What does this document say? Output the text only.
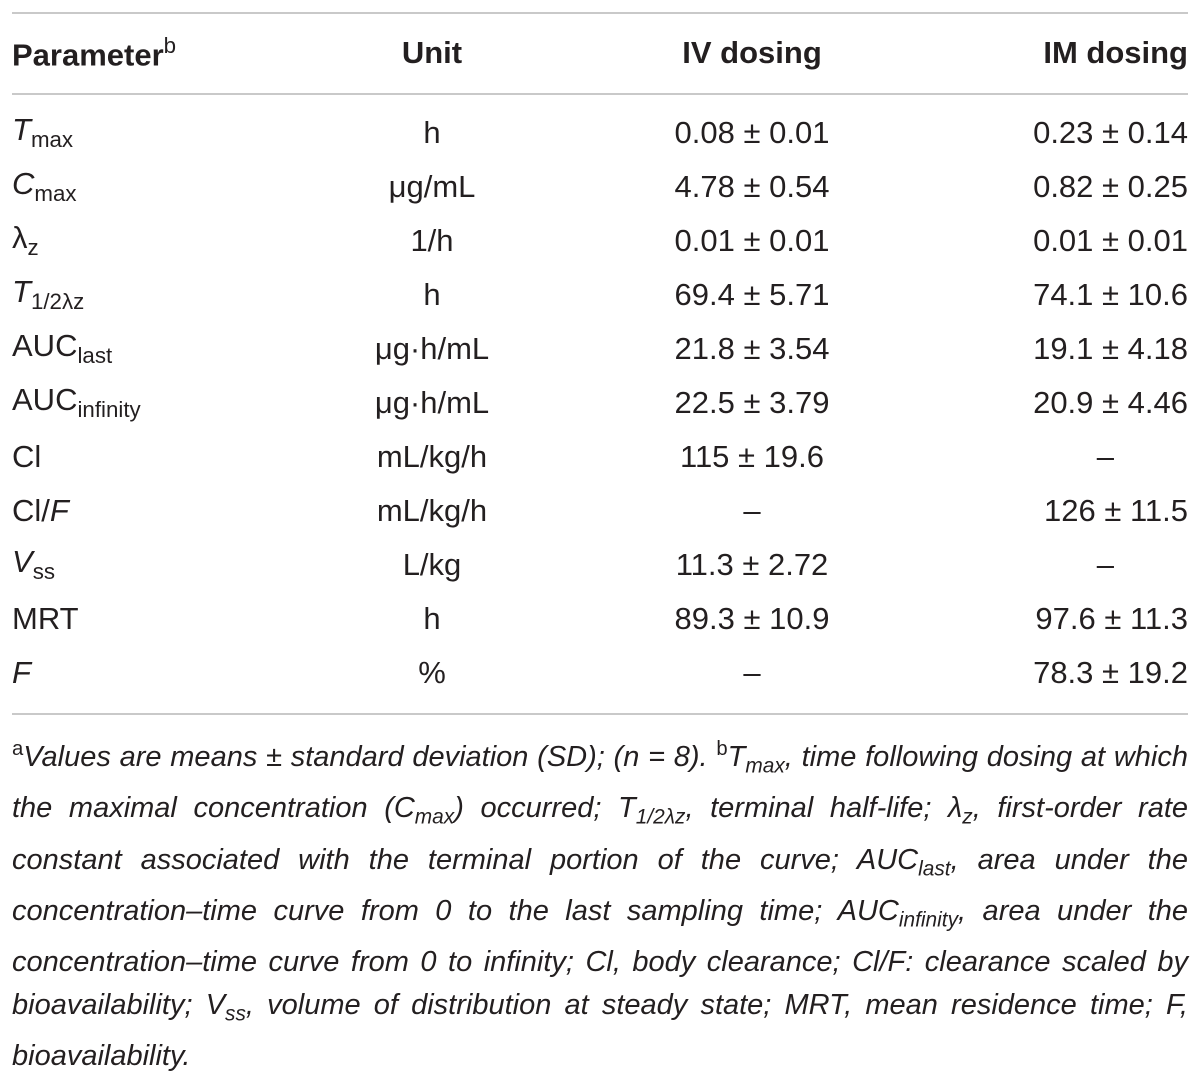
Parameter$^b$	Unit	IV dosing	IM dosing
$T_{max}$	h	0.08 ± 0.01	0.23 ± 0.14
$C_{max}$	μg/mL	4.78 ± 0.54	0.82 ± 0.25
$\lambda_z$	1/h	0.01 ± 0.01	0.01 ± 0.01
$T_{1/2\lambda z}$	h	69.4 ± 5.71	74.1 ± 10.6
$AUC_{last}$	μg·h/mL	21.8 ± 3.54	19.1 ± 4.18
$AUC_{infinity}$	μg·h/mL	22.5 ± 3.79	20.9 ± 4.46
Cl	mL/kg/h	115 ± 19.6	–
Cl/F	mL/kg/h	–	126 ± 11.5
$V_{ss}$	L/kg	11.3 ± 2.72	–
MRT	h	89.3 ± 10.9	97.6 ± 11.3
F	%	–	78.3 ± 19.2
$^a$Values are means ± standard deviation (SD); (n = 8). $^bT_{max}$, time following dosing at which the maximal concentration $(C_{max})$ occurred; $T_{1/2\lambda z}$, terminal half-life; $\lambda_z$, first-order rate constant associated with the terminal portion of the curve; $AUC_{last}$, area under the concentration–time curve from 0 to the last sampling time; $AUC_{infinity}$, area under the concentration–time curve from 0 to infinity; Cl, body clearance; Cl/F: clearance scaled by bioavailability; $V_{ss}$, volume of distribution at steady state; MRT, mean residence time; F, bioavailability.
